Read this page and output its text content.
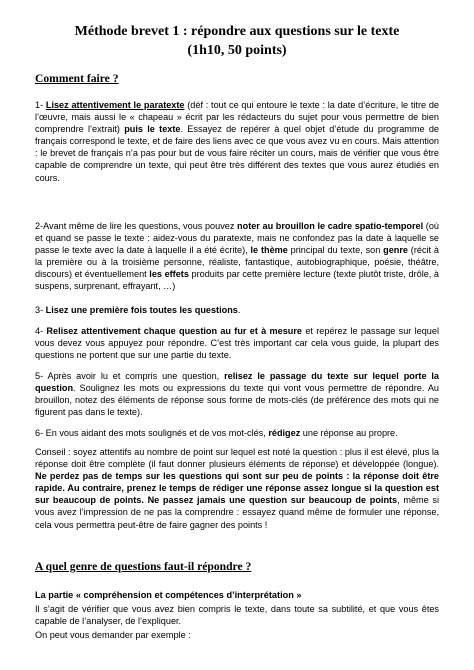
Méthode brevet 1 : répondre aux questions sur le texte
(1h10, 50 points)
Comment faire ?

1- Lisez attentivement le paratexte (déf : tout ce qui entoure le texte : la date d’écriture, le titre de l’œuvre, mais aussi le « chapeau » écrit par les rédacteurs du sujet pour vous permettre de bien comprendre l’extrait) puis le texte. Essayez de repérer à quel objet d’étude du programme de français correspond le texte, et de faire des liens avec ce que vous avez vu en cours. Mais attention : le brevet de français n’a pas pour but de vous faire réciter un cours, mais de vérifier que vous être capable de comprendre un texte, qui peut être très différent des textes que vous aurez étudiés en cours.

2-Avant même de lire les questions, vous pouvez noter au brouillon le cadre spatio-temporel (où et quand se passe le texte : aidez-vous du paratexte, mais ne confondez pas la date à laquelle se passe le texte avec la date à laquelle il a été écrite), le thème principal du texte, son genre (récit à la première ou à la troisième personne, réaliste, fantastique, autobiographique, poésie, théâtre, discours) et éventuellement les effets produits par cette première lecture (texte plutôt triste, drôle, à suspens, surprenant, effrayant, …)

3- Lisez une première fois toutes les questions.

4- Relisez attentivement chaque question au fur et à mesure et repérez le passage sur lequel vous devez vous appuyez pour répondre. C’est très important car cela vous guide, la plupart des questions ne portent que sur une partie du texte.

5- Après avoir lu et compris une question, relisez le passage du texte sur lequel porte la question. Soulignez les mots ou expressions du texte qui vont vous permettre de répondre. Au brouillon, notez des éléments de réponse sous forme de mots-clés (de préférence des mots qui ne figurent pas dans le texte).

6- En vous aidant des mots soulignés et de vos mot-clés, rédigez une réponse au propre.

Conseil : soyez attentifs au nombre de point sur lequel est noté la question : plus il est élevé, plus la réponse doit être complète (il faut donner plusieurs éléments de réponse) et développée (longue). Ne perdez pas de temps sur les questions qui sont sur peu de points : la réponse doit être rapide. Au contraire, prenez le temps de rédiger une réponse assez longue si la question est sur beaucoup de points. Ne passez jamais une question sur beaucoup de points, même si vous avez l’impression de ne pas la comprendre : essayez quand même de formuler une réponse, cela vous permettra peut-être de faire gagner des points !

A quel genre de questions faut-il répondre ?
La partie « compréhension et compétences d’interprétation »

Il s’agit de vérifier que vous avez bien compris le texte, dans toute sa subtilité, et que vous êtes capable de l’analyser, de l’expliquer.

On peut vous demander par exemple :
